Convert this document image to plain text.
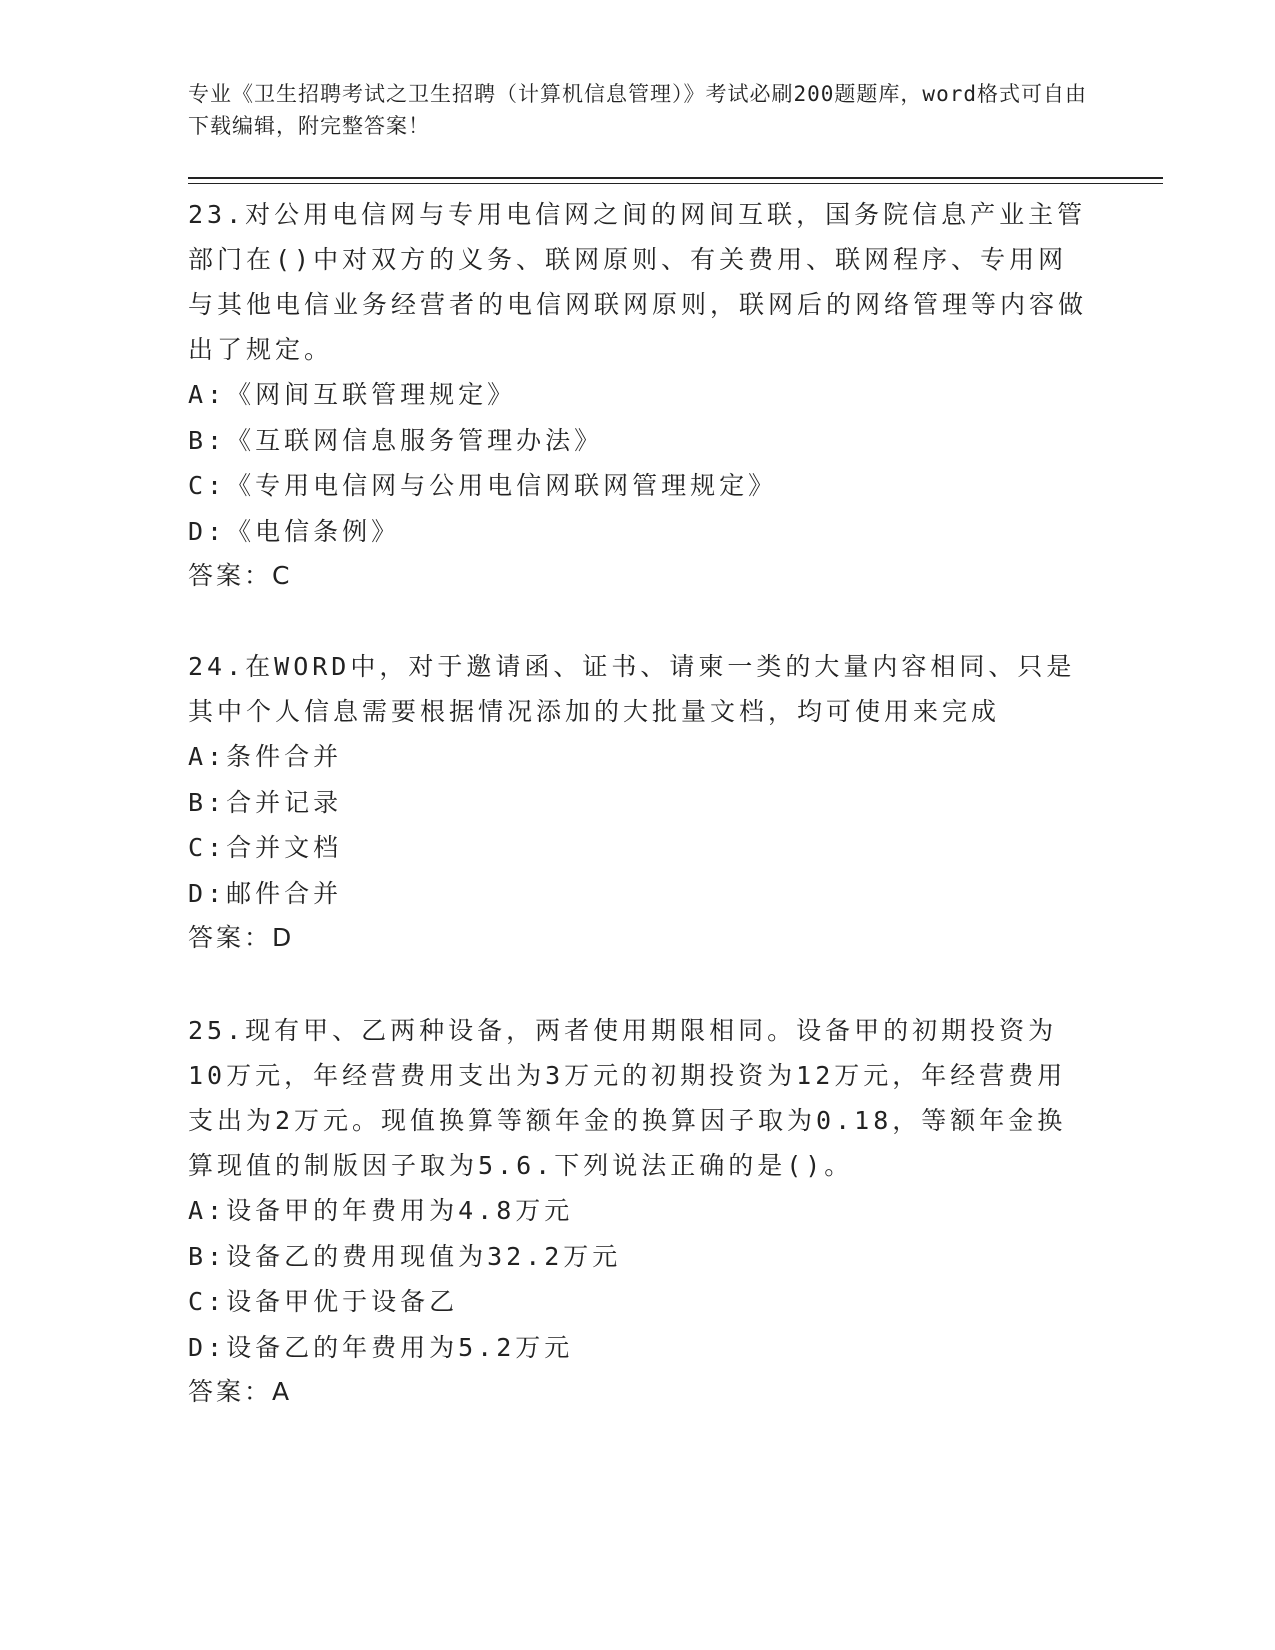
专业《卫生招聘考试之卫生招聘（计算机信息管理）》考试必刷200题题库，word格式可自由下载编辑，附完整答案！

23.对公用电信网与专用电信网之间的网间互联，国务院信息产业主管部门在()中对双方的义务、联网原则、有关费用、联网程序、专用网与其他电信业务经营者的电信网联网原则，联网后的网络管理等内容做出了规定。

A:《网间互联管理规定》
B:《互联网信息服务管理办法》
C:《专用电信网与公用电信网联网管理规定》
D:《电信条例》

答案：C

24.在WORD中，对于邀请函、证书、请柬一类的大量内容相同、只是其中个人信息需要根据情况添加的大批量文档，均可使用来完成

A:条件合并
B:合并记录
C:合并文档
D:邮件合并

答案：D

25.现有甲、乙两种设备，两者使用期限相同。设备甲的初期投资为10万元，年经营费用支出为3万元的初期投资为12万元，年经营费用支出为2万元。现值换算等额年金的换算因子取为0.18，等额年金换算现值的制版因子取为5.6.下列说法正确的是()。

A:设备甲的年费用为4.8万元
B:设备乙的费用现值为32.2万元
C:设备甲优于设备乙
D:设备乙的年费用为5.2万元

答案：A
